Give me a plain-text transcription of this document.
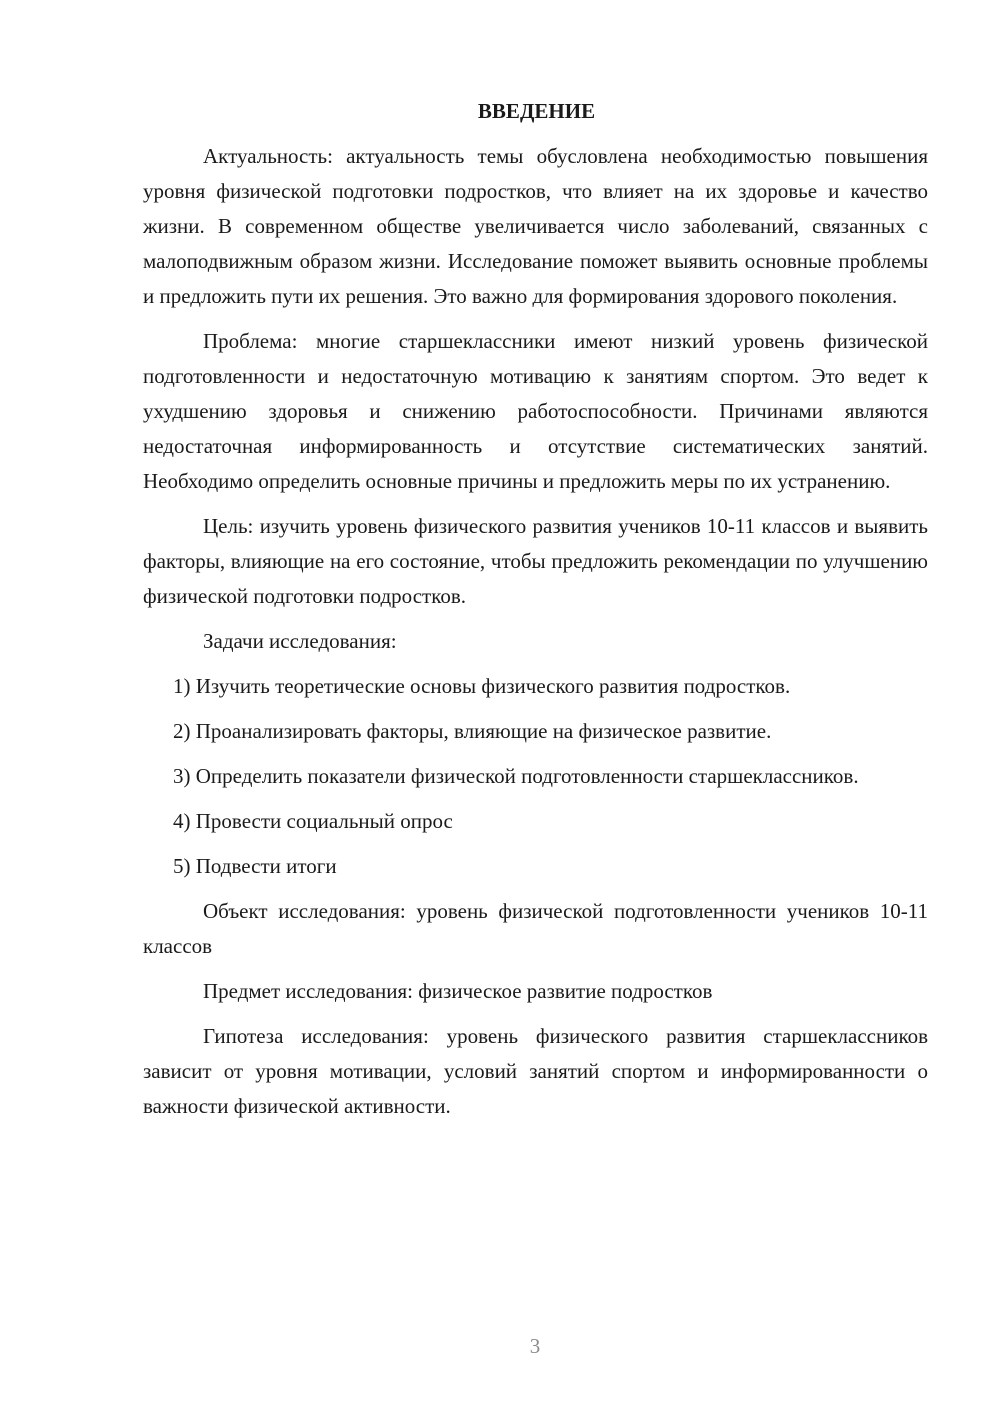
ВВЕДЕНИЕ

Актуальность: актуальность темы обусловлена необходимостью повышения уровня физической подготовки подростков, что влияет на их здоровье и качество жизни. В современном обществе увеличивается число заболеваний, связанных с малоподвижным образом жизни. Исследование поможет выявить основные проблемы и предложить пути их решения. Это важно для формирования здорового поколения.

Проблема: многие старшеклассники имеют низкий уровень физической подготовленности и недостаточную мотивацию к занятиям спортом. Это ведет к ухудшению здоровья и снижению работоспособности. Причинами являются недостаточная информированность и отсутствие систематических занятий. Необходимо определить основные причины и предложить меры по их устранению.

Цель: изучить уровень физического развития учеников 10-11 классов и выявить факторы, влияющие на его состояние, чтобы предложить рекомендации по улучшению физической подготовки подростков.

Задачи исследования:

1) Изучить теоретические основы физического развития подростков.

2) Проанализировать факторы, влияющие на физическое развитие.

3) Определить показатели физической подготовленности старшеклассников.

4) Провести социальный опрос

5) Подвести итоги

Объект исследования: уровень физической подготовленности учеников 10-11 классов

Предмет исследования: физическое развитие подростков

Гипотеза исследования: уровень физического развития старшеклассников зависит от уровня мотивации, условий занятий спортом и информированности о важности физической активности.

3
